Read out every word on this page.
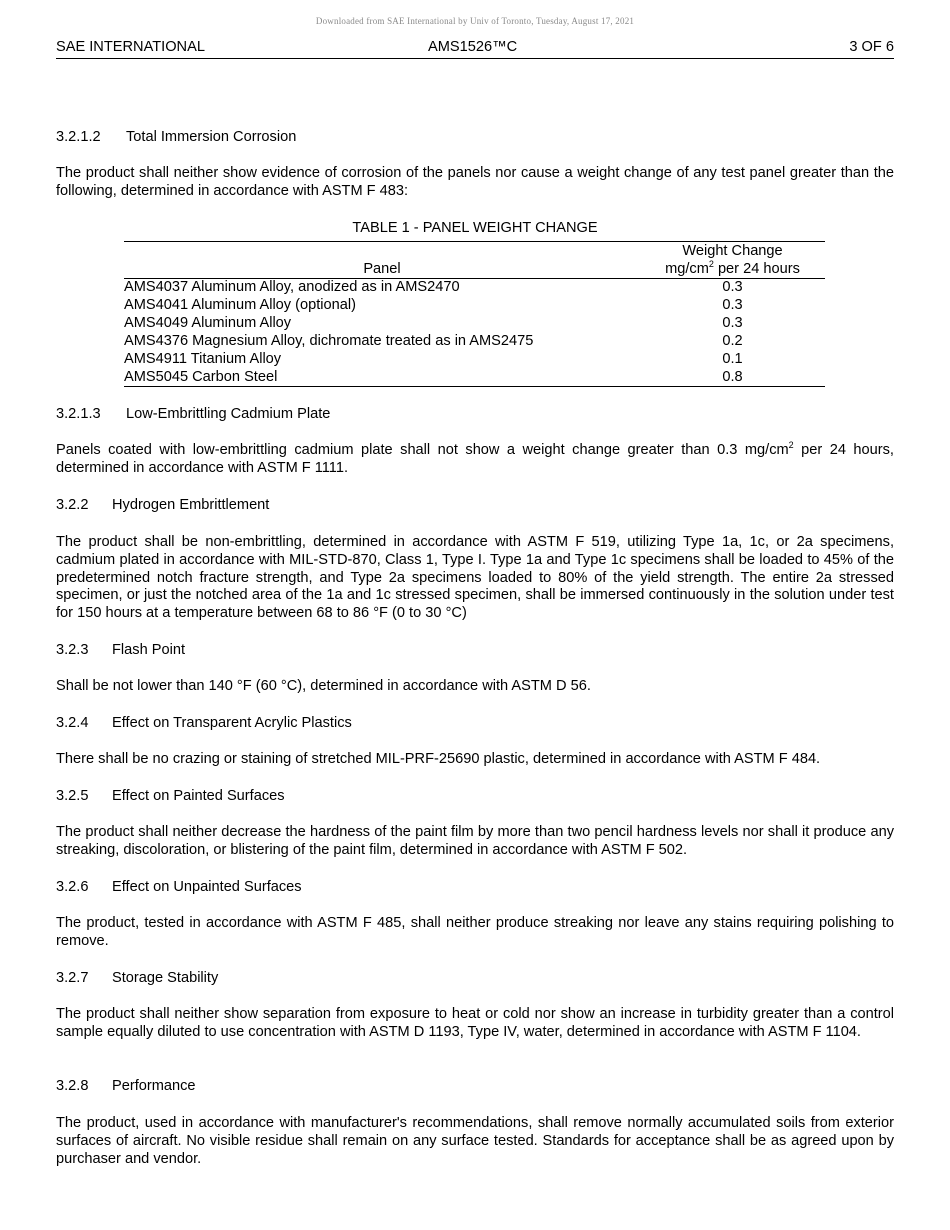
Downloaded from SAE International by Univ of Toronto, Tuesday, August 17, 2021
SAE INTERNATIONAL	AMS1526™C	3 OF 6
3.2.1.2 Total Immersion Corrosion
The product shall neither show evidence of corrosion of the panels nor cause a weight change of any test panel greater than the following, determined in accordance with ASTM F 483:
TABLE 1 - PANEL WEIGHT CHANGE
Panel	Weight Change
$mg/cm^2$ per 24 hours

AMS4037 Aluminum Alloy, anodized as in AMS2470	0.3
AMS4041 Aluminum Alloy (optional)	0.3
AMS4049 Aluminum Alloy	0.3
AMS4376 Magnesium Alloy, dichromate treated as in AMS2475	0.2
AMS4911 Titanium Alloy	0.1
AMS5045 Carbon Steel	0.8
3.2.1.3 Low-Embrittling Cadmium Plate
Panels coated with low-embrittling cadmium plate shall not show a weight change greater than 0.3 $mg/cm^2$ per 24 hours, determined in accordance with ASTM F 1111.
3.2.2 Hydrogen Embrittlement
The product shall be non-embrittling, determined in accordance with ASTM F 519, utilizing Type 1a, 1c, or 2a specimens, cadmium plated in accordance with MIL-STD-870, Class 1, Type I. Type 1a and Type 1c specimens shall be loaded to 45% of the predetermined notch fracture strength, and Type 2a specimens loaded to 80% of the yield strength. The entire 2a stressed specimen, or just the notched area of the 1a and 1c stressed specimen, shall be immersed continuously in the solution under test for 150 hours at a temperature between 68 to 86 °F (0 to 30 °C)
3.2.3 Flash Point
Shall be not lower than 140 °F (60 °C), determined in accordance with ASTM D 56.
3.2.4 Effect on Transparent Acrylic Plastics
There shall be no crazing or staining of stretched MIL-PRF-25690 plastic, determined in accordance with ASTM F 484.
3.2.5 Effect on Painted Surfaces
The product shall neither decrease the hardness of the paint film by more than two pencil hardness levels nor shall it produce any streaking, discoloration, or blistering of the paint film, determined in accordance with ASTM F 502.
3.2.6 Effect on Unpainted Surfaces
The product, tested in accordance with ASTM F 485, shall neither produce streaking nor leave any stains requiring polishing to remove.
3.2.7 Storage Stability
The product shall neither show separation from exposure to heat or cold nor show an increase in turbidity greater than a control sample equally diluted to use concentration with ASTM D 1193, Type IV, water, determined in accordance with ASTM F 1104.
3.2.8 Performance
The product, used in accordance with manufacturer's recommendations, shall remove normally accumulated soils from exterior surfaces of aircraft. No visible residue shall remain on any surface tested. Standards for acceptance shall be as agreed upon by purchaser and vendor.
